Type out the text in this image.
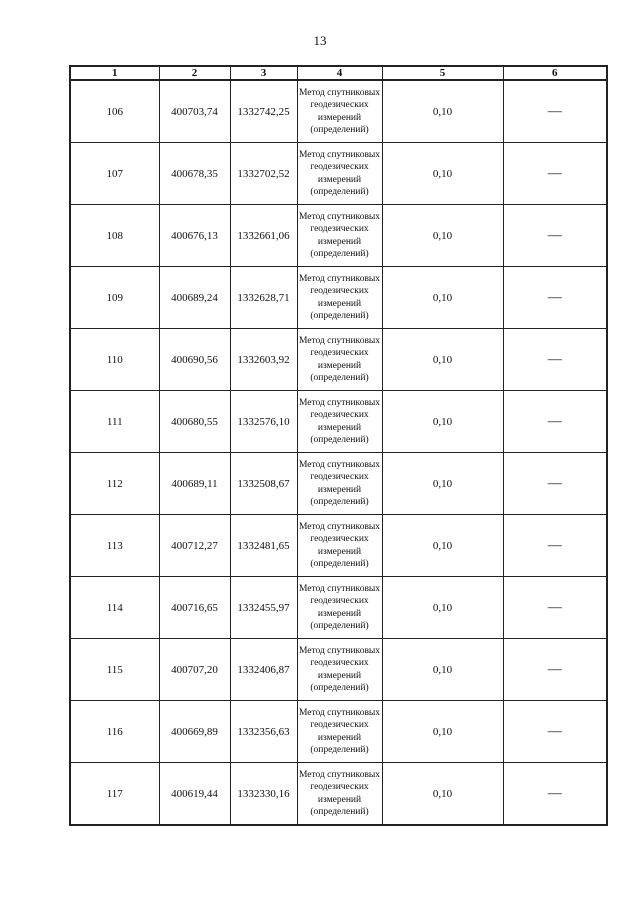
13
1	2	3	4	5	6
106	400703,74	1332742,25	Метод спутниковых геодезических измерений (определений)	0,10	—
107	400678,35	1332702,52	Метод спутниковых геодезических измерений (определений)	0,10	—
108	400676,13	1332661,06	Метод спутниковых геодезических измерений (определений)	0,10	—
109	400689,24	1332628,71	Метод спутниковых геодезических измерений (определений)	0,10	—
110	400690,56	1332603,92	Метод спутниковых геодезических измерений (определений)	0,10	—
111	400680,55	1332576,10	Метод спутниковых геодезических измерений (определений)	0,10	—
112	400689,11	1332508,67	Метод спутниковых геодезических измерений (определений)	0,10	—
113	400712,27	1332481,65	Метод спутниковых геодезических измерений (определений)	0,10	—
114	400716,65	1332455,97	Метод спутниковых геодезических измерений (определений)	0,10	—
115	400707,20	1332406,87	Метод спутниковых геодезических измерений (определений)	0,10	—
116	400669,89	1332356,63	Метод спутниковых геодезических измерений (определений)	0,10	—
117	400619,44	1332330,16	Метод спутниковых геодезических измерений (определений)	0,10	—
